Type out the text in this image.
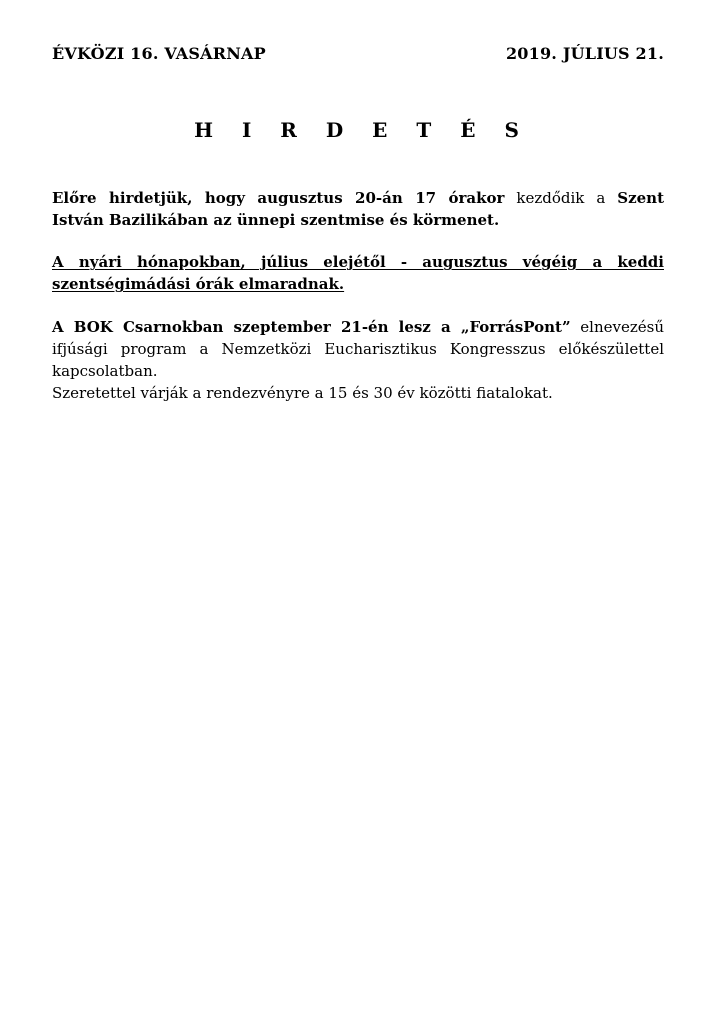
ÉVKÖZI 16. VASÁRNAP	2019. JÚLIUS 21.
H I R D E T É S
Előre hirdetjük, hogy augusztus 20-án 17 órakor kezdődik a Szent
István Bazilikában az ünnepi szentmise és körmenet.
A nyári hónapokban, július elejétől - augusztus végéig a keddi
szentségimádási órák elmaradnak.
A BOK Csarnokban szeptember 21-én lesz a „ForrásPont” elnevezésű
ifjúsági program a Nemzetközi Eucharisztikus Kongresszus előkészülettel
kapcsolatban.
Szeretettel várják a rendezvényre a 15 és 30 év közötti fiatalokat.
